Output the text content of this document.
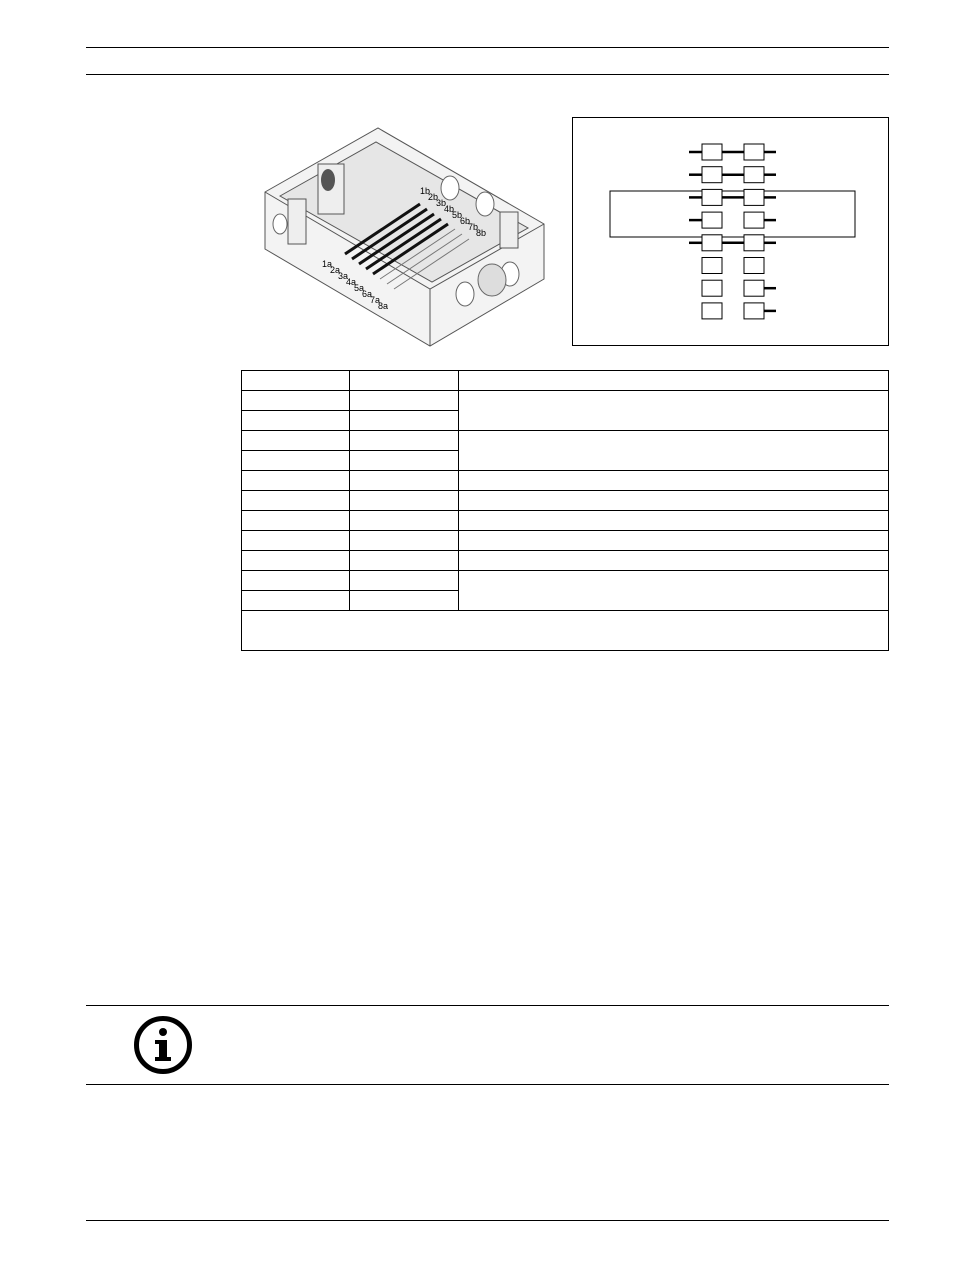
1a
2a
3a
4a
5a
6a
7a
8a
1b
2b
3b
4b
5b
6b
7b
8b
